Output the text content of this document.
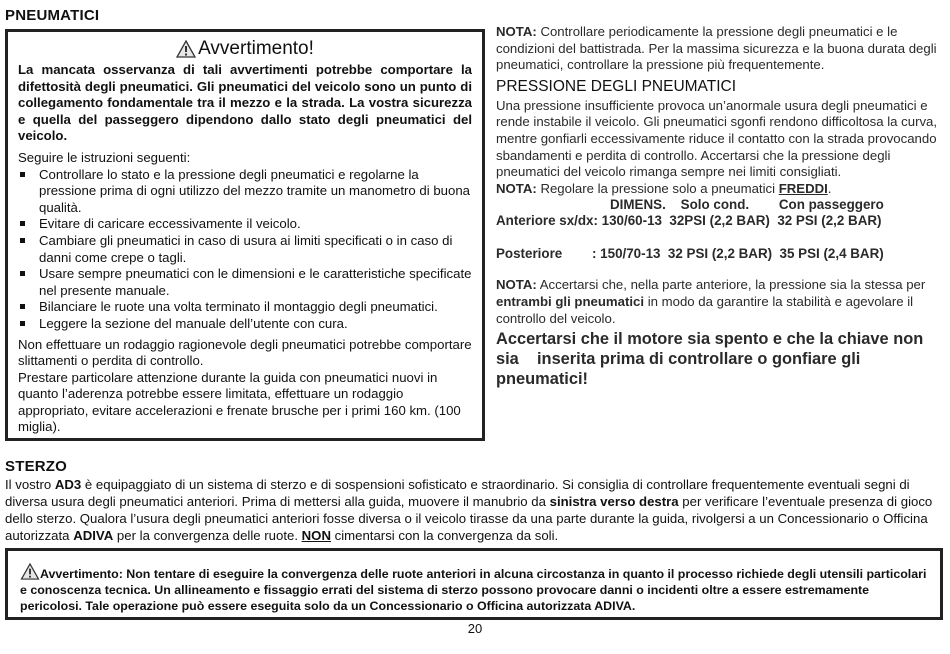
PNEUMATICI
Avvertimento!
La mancata osservanza di tali avvertimenti potrebbe comportare la difettosità degli pneumatici. Gli pneumatici del veicolo sono un punto di collegamento fondamentale tra il mezzo e la strada. La vostra sicurezza e quella del passeggero dipendono dallo stato degli pneumatici del veicolo.
Seguire le istruzioni seguenti:
Controllare lo stato e la pressione degli pneumatici e regolarne la pressione prima di ogni utilizzo del mezzo tramite un manometro di buona qualità.
Evitare di caricare eccessivamente il veicolo.
Cambiare gli pneumatici in caso di usura ai limiti specificati o in caso di danni come crepe o tagli.
Usare sempre pneumatici con le dimensioni e le caratteristiche specificate nel presente manuale.
Bilanciare le ruote una volta terminato il montaggio degli pneumatici.
Leggere la sezione del manuale dell’utente con cura.
Non effettuare un rodaggio ragionevole degli pneumatici potrebbe comportare slittamenti o perdita di controllo.
Prestare particolare attenzione durante la guida con pneumatici nuovi in quanto l’aderenza potrebbe essere limitata, effettuare un rodaggio appropriato, evitare accelerazioni e frenate brusche per i primi 160 km. (100 miglia).
NOTA: Controllare periodicamente la pressione degli pneumatici e le condizioni del battistrada. Per la massima sicurezza e la buona durata degli pneumatici, controllare la pressione più frequentemente.
PRESSIONE DEGLI PNEUMATICI
Una pressione insufficiente provoca un’anormale usura degli pneumatici e rende instabile il veicolo. Gli pneumatici sgonfi rendono difficoltosa la curva, mentre gonfiarli eccessivamente riduce il contatto con la strada provocando sbandamenti e perdita di controllo. Accertarsi che la pressione degli pneumatici del veicolo rimanga sempre nei limiti consigliati.
NOTA: Regolare la pressione solo a pneumatici FREDDI.
DIMENS.    Solo cond.        Con passeggero
Anteriore sx/dx: 130/60-13  32PSI (2,2 BAR)  32 PSI (2,2 BAR)
Posteriore        : 150/70-13  32 PSI (2,2 BAR)  35 PSI (2,4 BAR)
NOTA: Accertarsi che, nella parte anteriore, la pressione sia la stessa per entrambi gli pneumatici in modo da garantire la stabilità e agevolare il controllo del veicolo.
Accertarsi che il motore sia spento e che la chiave non sia    inserita prima di controllare o gonfiare gli pneumatici!
STERZO
Il vostro AD3 è equipaggiato di un sistema di sterzo e di sospensioni sofisticato e straordinario. Si consiglia di controllare frequentemente eventuali segni di diversa usura degli pneumatici anteriori. Prima di mettersi alla guida, muovere il manubrio da sinistra verso destra per verificare l’eventuale presenza di gioco dello sterzo. Qualora l’usura degli pneumatici anteriori fosse diversa o il veicolo tirasse da una parte durante la guida, rivolgersi a un Concessionario o Officina autorizzata ADIVA per la convergenza delle ruote. NON cimentarsi con la convergenza da soli.
Avvertimento: Non tentare di eseguire la convergenza delle ruote anteriori in alcuna circostanza in quanto il processo richiede degli utensili particolari e conoscenza tecnica. Un allineamento e fissaggio errati del sistema di sterzo possono provocare danni o incidenti oltre a essere estremamente pericolosi. Tale operazione può essere eseguita solo da un Concessionario o Officina autorizzata ADIVA.
20
